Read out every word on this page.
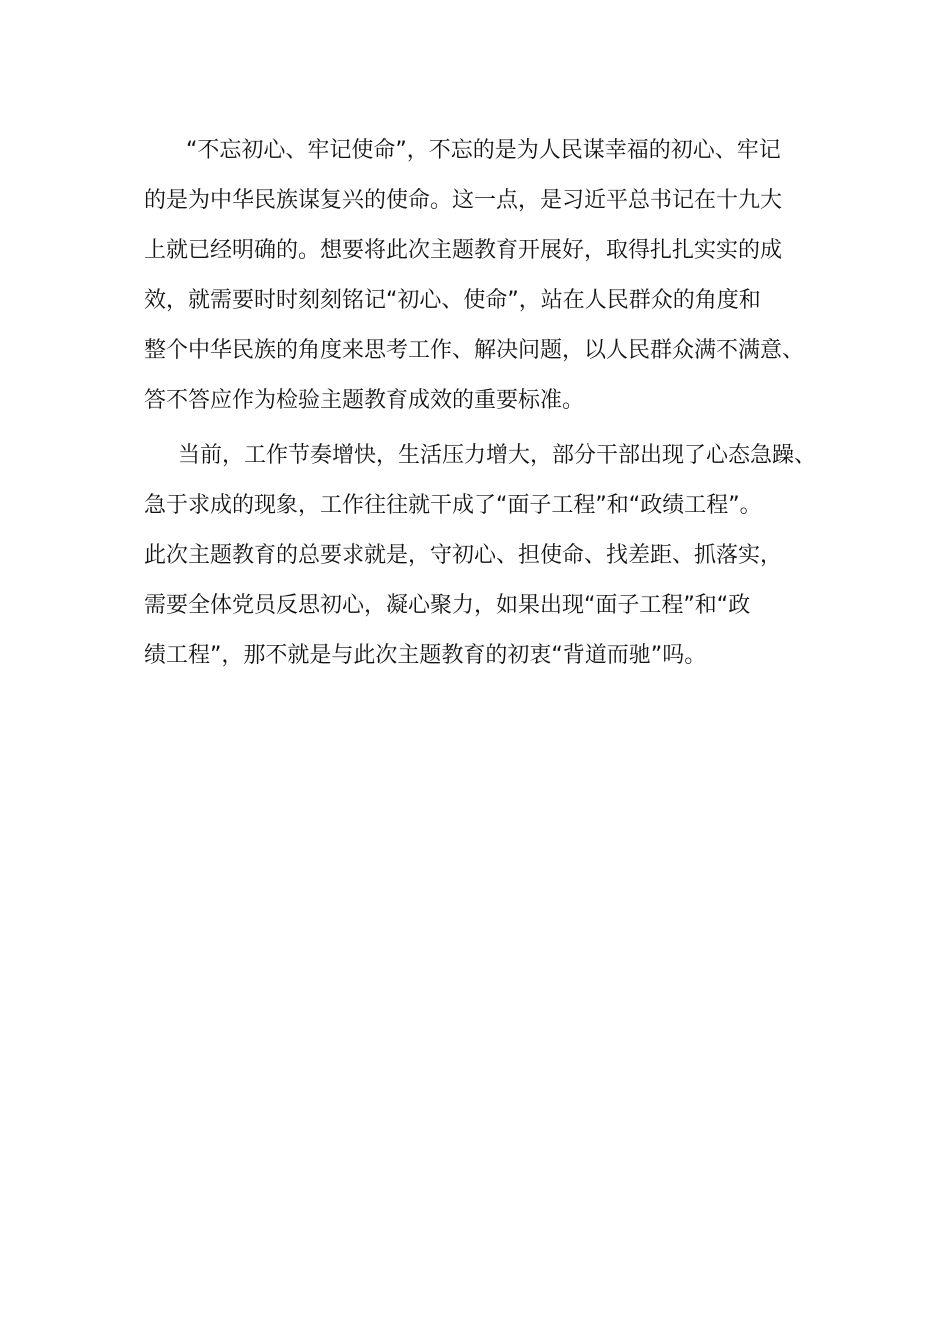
“不忘初心、牢记使命”，不忘的是为人民谋幸福的初心、牢记
的是为中华民族谋复兴的使命。这一点，是习近平总书记在十九大
上就已经明确的。想要将此次主题教育开展好，取得扎扎实实的成
效，就需要时时刻刻铭记“初心、使命”，站在人民群众的角度和
整个中华民族的角度来思考工作、解决问题，以人民群众满不满意、
答不答应作为检验主题教育成效的重要标准。
当前，工作节奏增快，生活压力增大，部分干部出现了心态急躁、
急于求成的现象，工作往往就干成了“面子工程”和“政绩工程”。
此次主题教育的总要求就是，守初心、担使命、找差距、抓落实，
需要全体党员反思初心，凝心聚力，如果出现“面子工程”和“政
绩工程”，那不就是与此次主题教育的初衷“背道而驰”吗。
